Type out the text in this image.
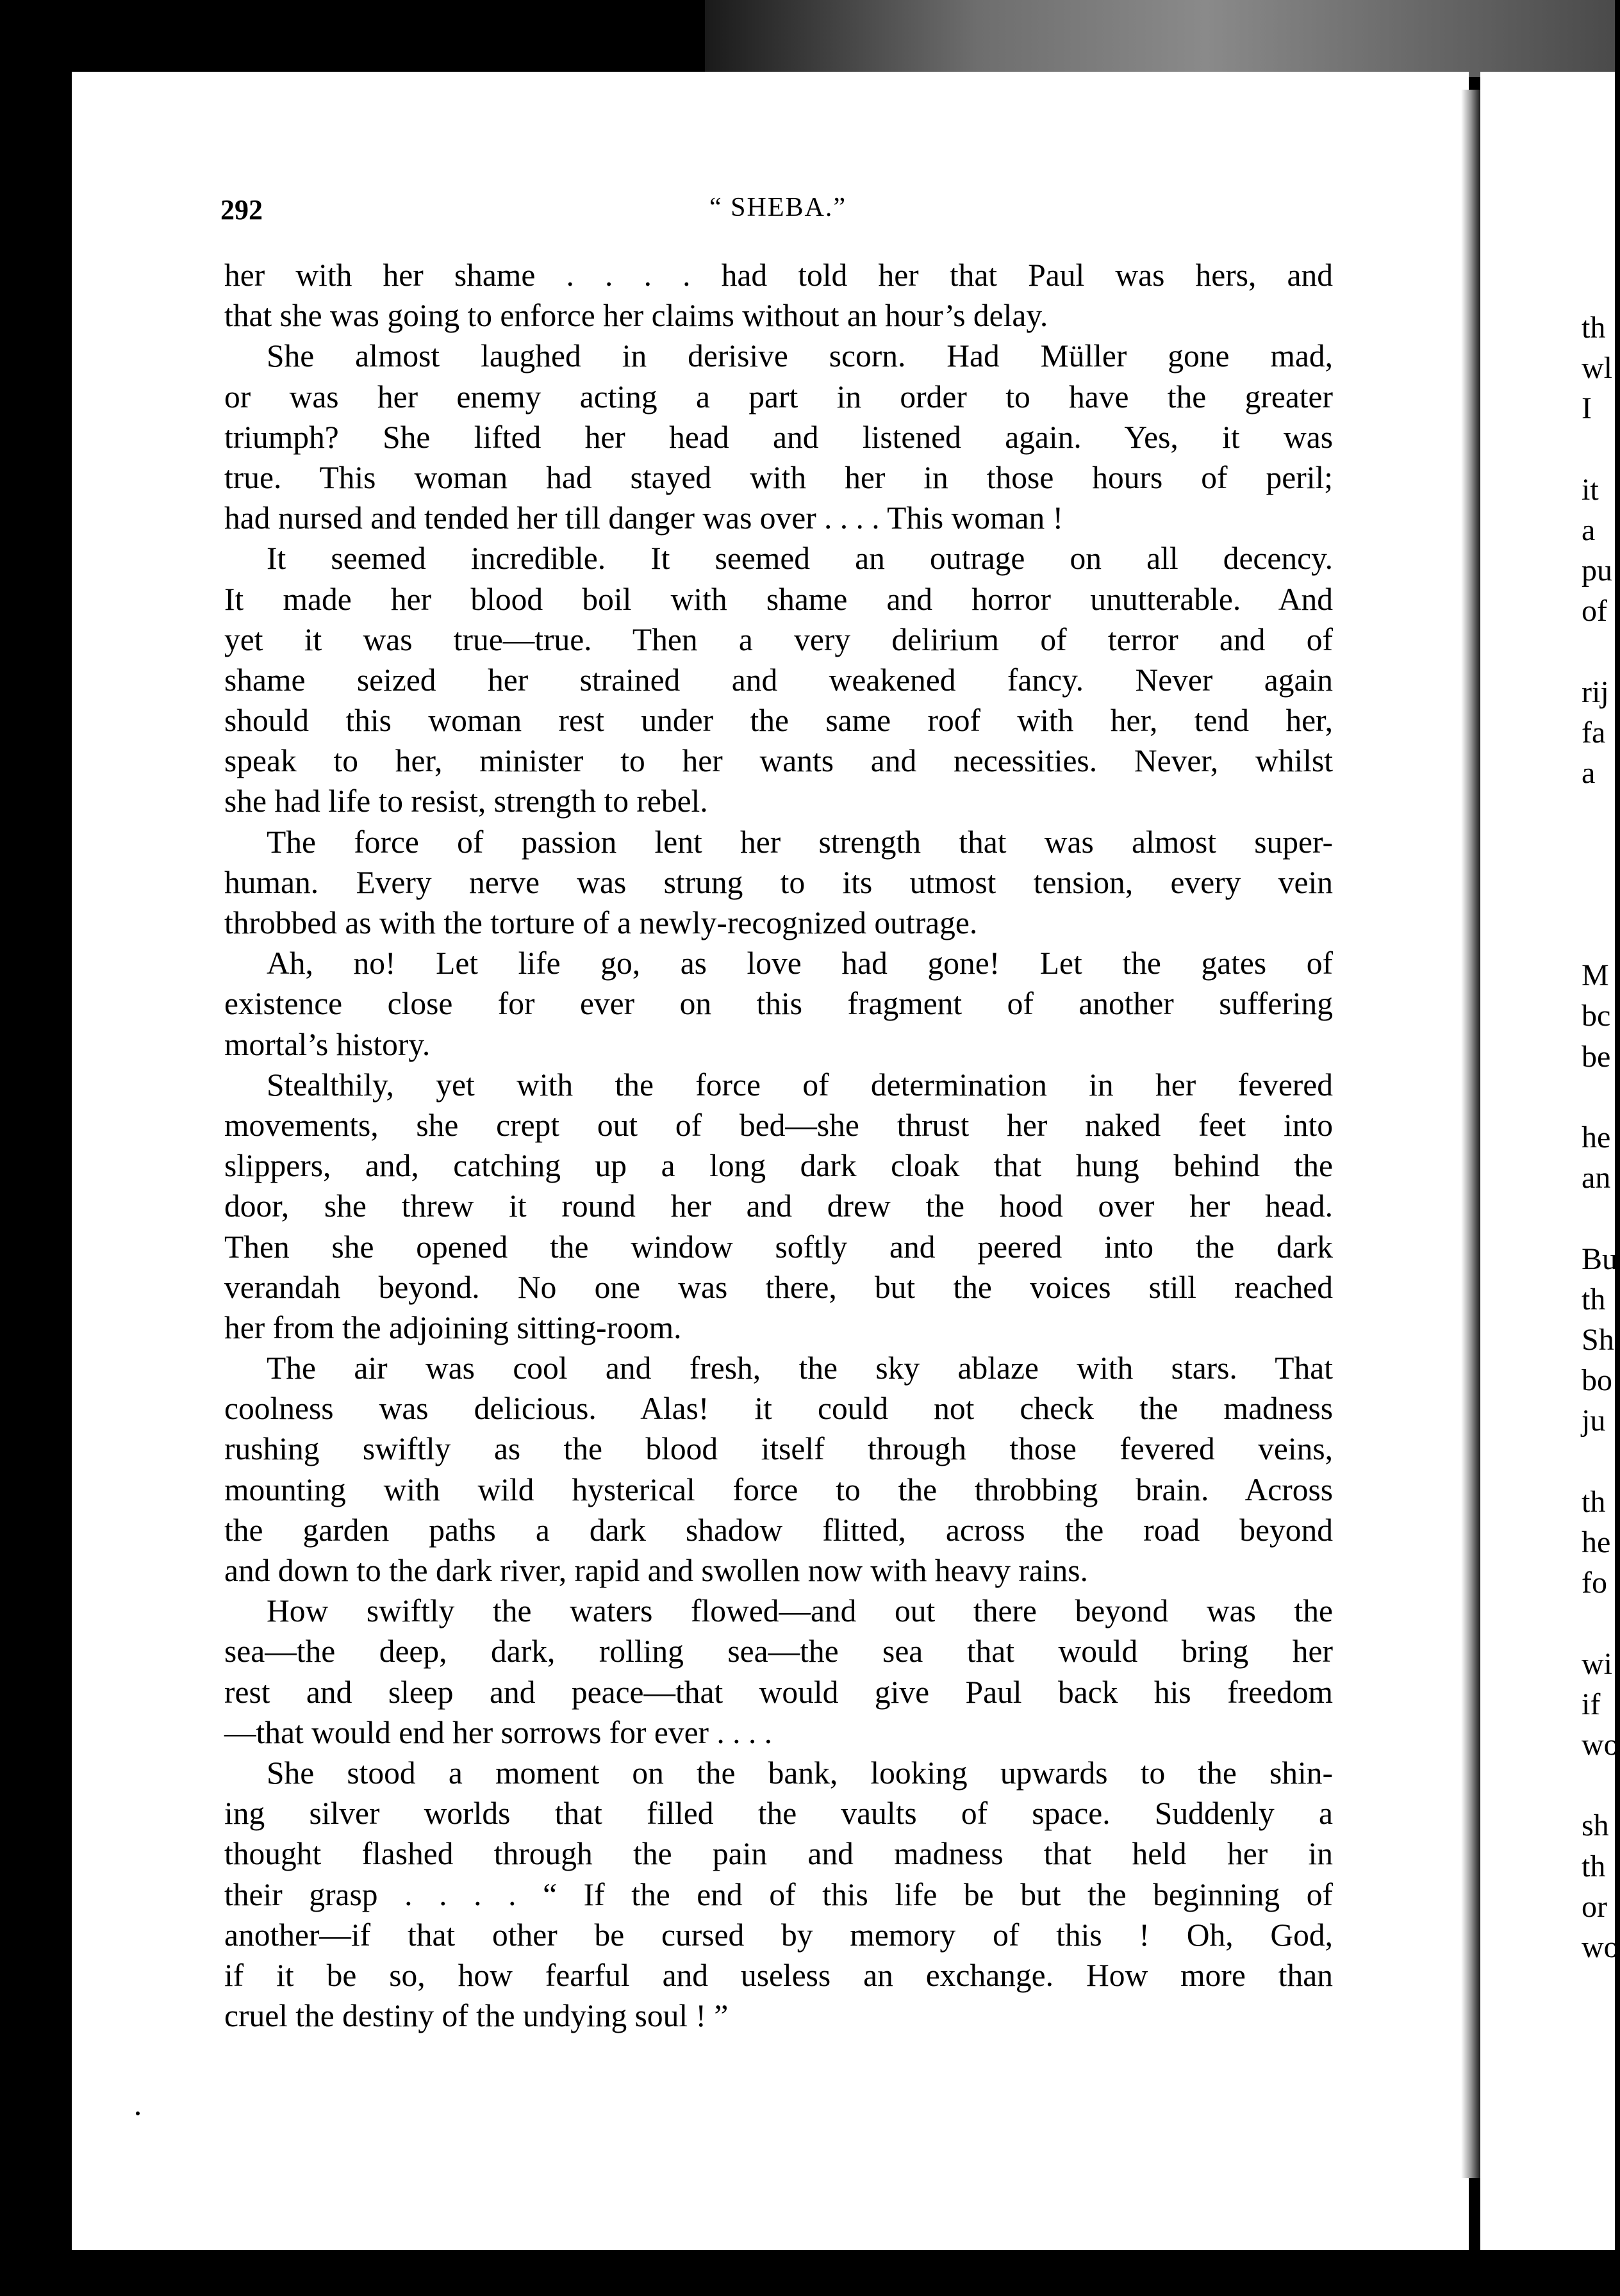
292	“ SHEBA.”
her with her shame . . . . had told her that Paul was hers, and
that she was going to enforce her claims without an hour’s delay.
She almost laughed in derisive scorn. Had Müller gone mad,
or was her enemy acting a part in order to have the greater
triumph? She lifted her head and listened again. Yes, it was
true. This woman had stayed with her in those hours of peril;
had nursed and tended her till danger was over . . . . This woman !
It seemed incredible. It seemed an outrage on all decency.
It made her blood boil with shame and horror unutterable. And
yet it was true—true. Then a very delirium of terror and of
shame seized her strained and weakened fancy. Never again
should this woman rest under the same roof with her, tend her,
speak to her, minister to her wants and necessities. Never, whilst
she had life to resist, strength to rebel.
The force of passion lent her strength that was almost super-
human. Every nerve was strung to its utmost tension, every vein
throbbed as with the torture of a newly-recognized outrage.
Ah, no! Let life go, as love had gone! Let the gates of
existence close for ever on this fragment of another suffering
mortal’s history.
Stealthily, yet with the force of determination in her fevered
movements, she crept out of bed—she thrust her naked feet into
slippers, and, catching up a long dark cloak that hung behind the
door, she threw it round her and drew the hood over her head.
Then she opened the window softly and peered into the dark
verandah beyond. No one was there, but the voices still reached
her from the adjoining sitting-room.
The air was cool and fresh, the sky ablaze with stars. That
coolness was delicious. Alas! it could not check the madness
rushing swiftly as the blood itself through those fevered veins,
mounting with wild hysterical force to the throbbing brain. Across
the garden paths a dark shadow flitted, across the road beyond
and down to the dark river, rapid and swollen now with heavy rains.
How swiftly the waters flowed—and out there beyond was the
sea—the deep, dark, rolling sea—the sea that would bring her
rest and sleep and peace—that would give Paul back his freedom
—that would end her sorrows for ever . . . .
She stood a moment on the bank, looking upwards to the shin-
ing silver worlds that filled the vaults of space. Suddenly a
thought flashed through the pain and madness that held her in
their grasp . . . . “ If the end of this life be but the beginning of
another—if that other be cursed by memory of this ! Oh, God,
if it be so, how fearful and useless an exchange. How more than
cruel the destiny of the undying soul ! ”
th
wl
I
it
a
pu
of
rij
fa
a
M
bc
be
he
an
Bu
th
Sh
bo
ju
th
he
fo
wi
if
wo
sh
th
or
wo
